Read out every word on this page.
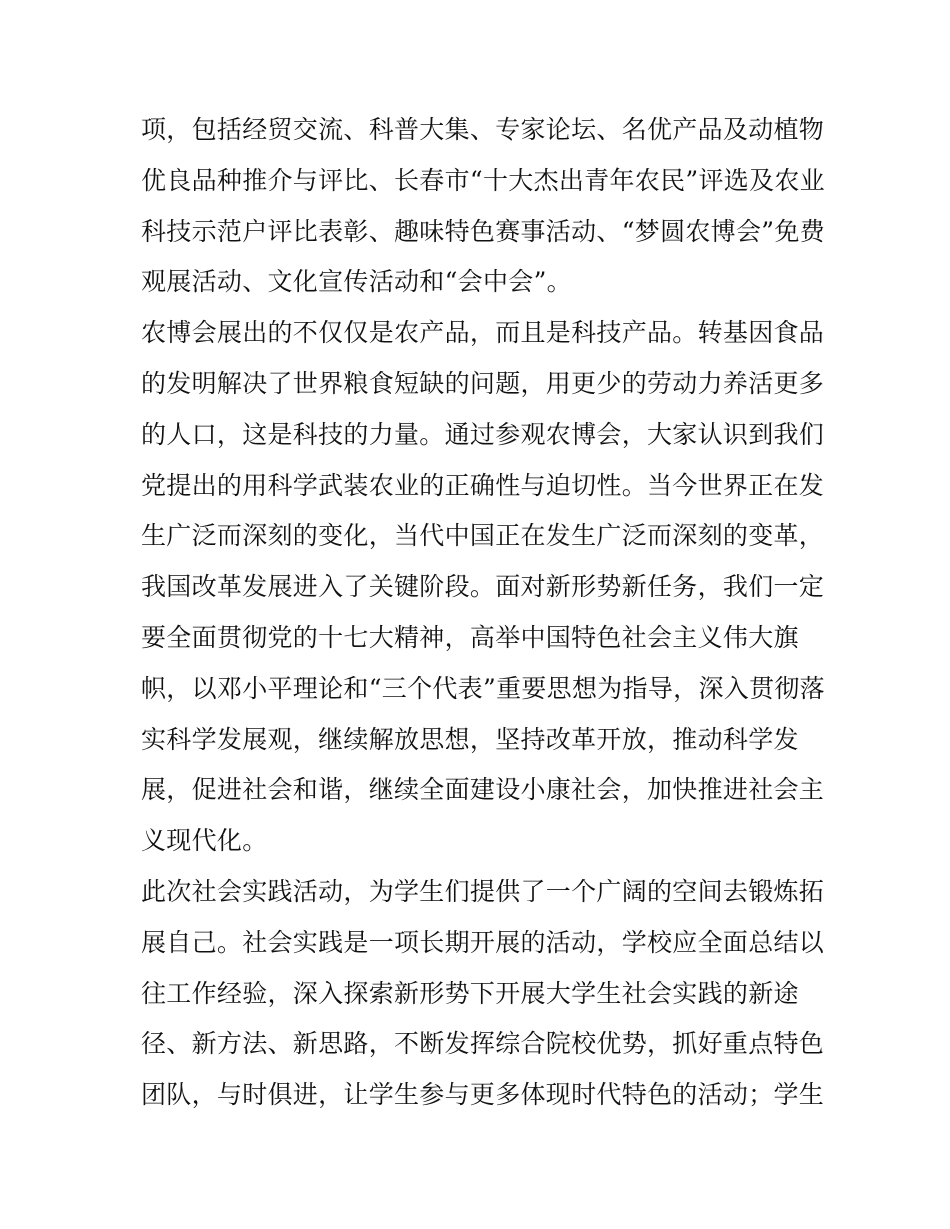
项，包括经贸交流、科普大集、专家论坛、名优产品及动植物
优良品种推介与评比、长春市“十大杰出青年农民”评选及农业
科技示范户评比表彰、趣味特色赛事活动、“梦圆农博会”免费
观展活动、文化宣传活动和“会中会”。
农博会展出的不仅仅是农产品，而且是科技产品。转基因食品
的发明解决了世界粮食短缺的问题，用更少的劳动力养活更多
的人口，这是科技的力量。通过参观农博会，大家认识到我们
党提出的用科学武装农业的正确性与迫切性。当今世界正在发
生广泛而深刻的变化，当代中国正在发生广泛而深刻的变革，
我国改革发展进入了关键阶段。面对新形势新任务，我们一定
要全面贯彻党的十七大精神，高举中国特色社会主义伟大旗
帜，以邓小平理论和“三个代表”重要思想为指导，深入贯彻落
实科学发展观，继续解放思想，坚持改革开放，推动科学发
展，促进社会和谐，继续全面建设小康社会，加快推进社会主
义现代化。
此次社会实践活动，为学生们提供了一个广阔的空间去锻炼拓
展自己。社会实践是一项长期开展的活动，学校应全面总结以
往工作经验，深入探索新形势下开展大学生社会实践的新途
径、新方法、新思路，不断发挥综合院校优势，抓好重点特色
团队，与时俱进，让学生参与更多体现时代特色的活动；学生
